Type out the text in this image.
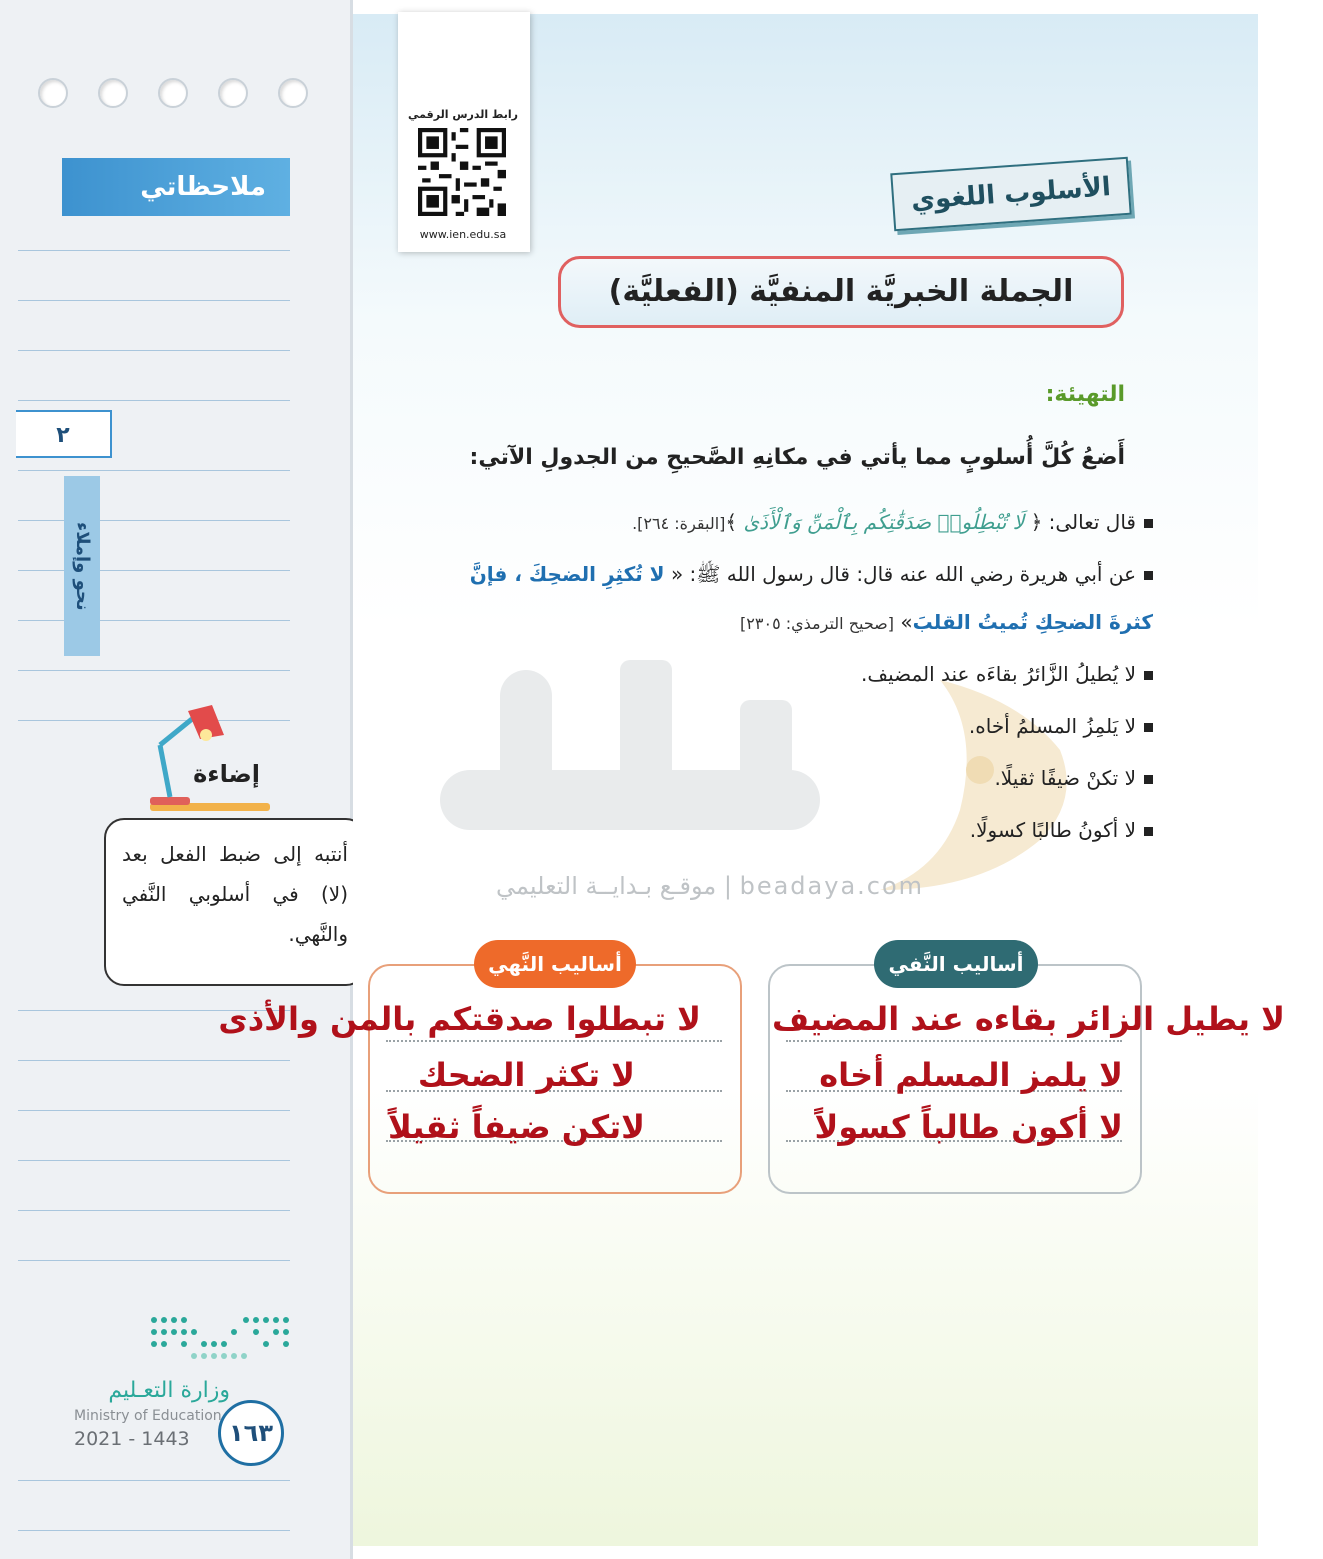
ملاحظاتي
٢
نحو وإملاء
إضاءة
أنتبه إلى ضبط الفعل بعد (لا) في أسلوبي النَّفي والنَّهي.
وزارة التعـليم
Ministry of Education
2021 - 1443	١٦٣
رابط الدرس الرقمي
www.ien.edu.sa
الأسلوب اللغوي
الجملة الخبريَّة المنفيَّة (الفعليَّة)
موقـع بـدايــة التعليمي | beadaya.com
التهيئة:
أَضعُ كُلَّ أُسلوبٍ مما يأتي في مكانِهِ الصَّحيحِ من الجدولِ الآتي:
قال تعالى: ﴿ لَا تُبْطِلُوا۟ صَدَقَٰتِكُم بِٱلْمَنِّ وَٱلْأَذَىٰ ﴾[البقرة: ٢٦٤].
عن أبي هريرة رضي الله عنه قال: قال رسول الله ﷺ: « لا تُكثِرِ الضحِكَ ، فإنَّ
كثرةَ الضحِكِ تُميتُ القلبَ» [صحيح الترمذي: ٢٣٠٥]
لا يُطيلُ الزَّائرُ بقاءَه عند المضيف.
لا يَلمِزُ المسلمُ أخاه.
لا تكنْ ضيفًا ثقيلًا.
لا أكونُ طالبًا كسولًا.
أساليب النَّفي
أساليب النَّهي
لا يطيل الزائر بقاءه عند المضيف
لا يلمز المسلم أخاه
لا أكون طالباً كسولاً
لا تبطلوا صدقتكم بالمن والأذى
لا تكثر الضحك
لاتكن ضيفاً ثقيلاً
